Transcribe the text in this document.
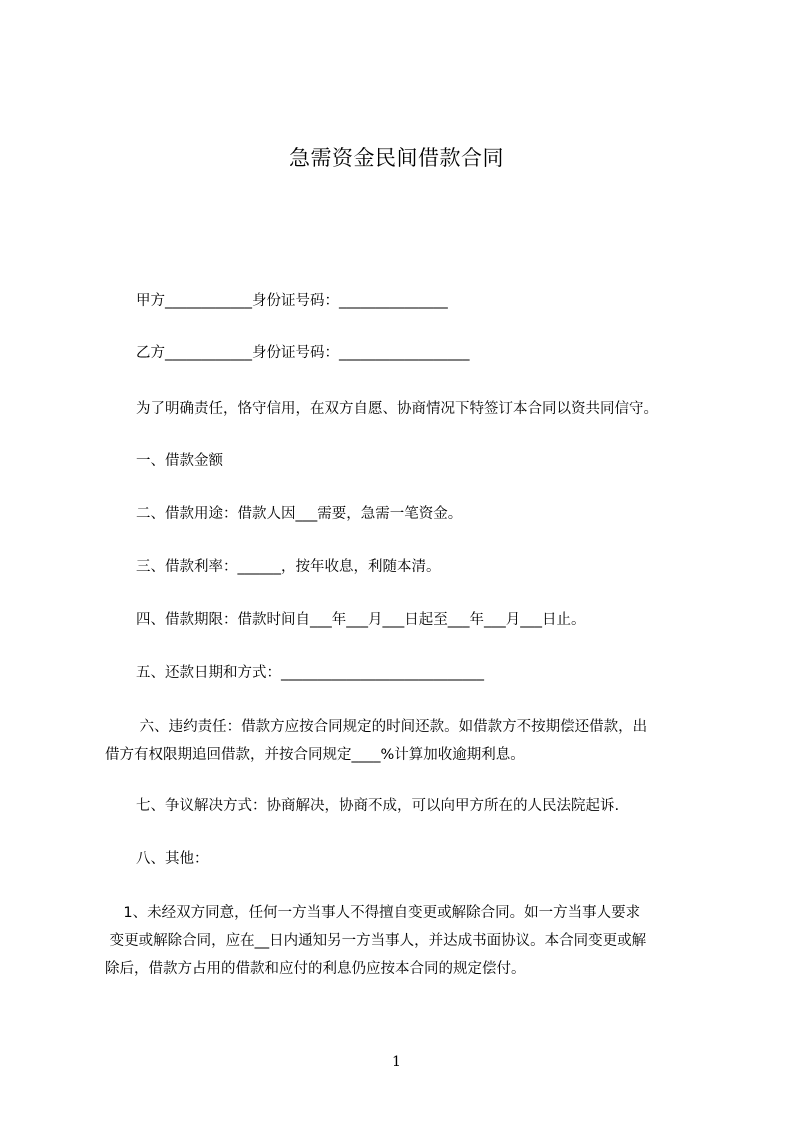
急需资金民间借款合同
甲方____________身份证号码：_______________
乙方____________身份证号码：__________________
为了明确责任，恪守信用，在双方自愿、协商情况下特签订本合同以资共同信守。
一、借款金额
二、借款用途：借款人因___需要，急需一笔资金。
三、借款利率：______，按年收息，利随本清。
四、借款期限：借款时间自___年___月___日起至___年___月___日止。
五、还款日期和方式：____________________________
六、违约责任：借款方应按合同规定的时间还款。如借款方不按期偿还借款，出
借方有权限期追回借款，并按合同规定____%计算加收逾期利息。
七、争议解决方式：协商解决，协商不成，可以向甲方所在的人民法院起诉.
八、其他：
1、未经双方同意，任何一方当事人不得擅自变更或解除合同。如一方当事人要求
变更或解除合同，应在__日内通知另一方当事人，并达成书面协议。本合同变更或解
除后，借款方占用的借款和应付的利息仍应按本合同的规定偿付。
1
